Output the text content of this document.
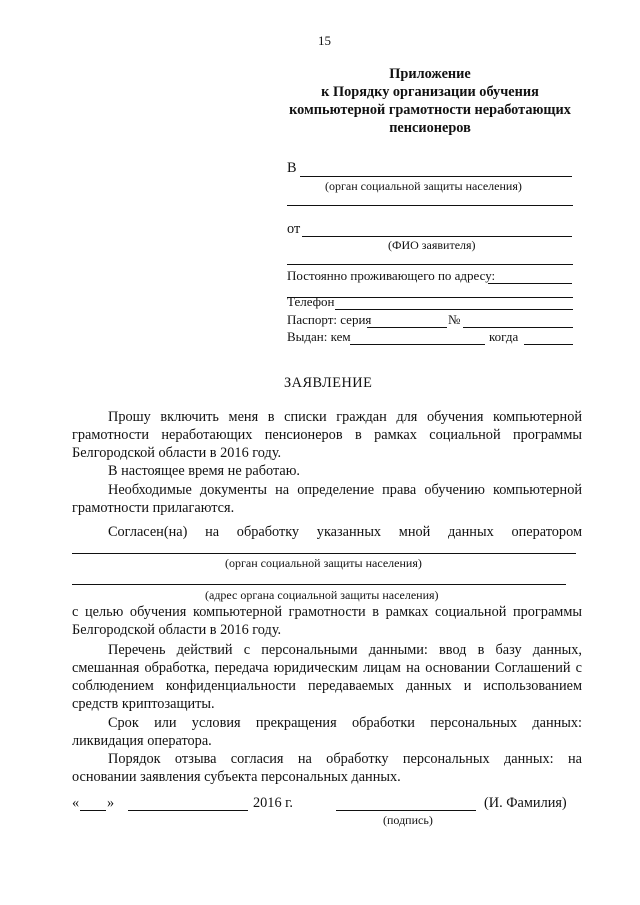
15
Приложение
к Порядку организации обучения
компьютерной грамотности неработающих
пенсионеров
В
(орган социальной защиты населения)
от
(ФИО заявителя)
Постоянно проживающего по адресу:
Телефон
Паспорт: серия	№
Выдан: кем	когда
ЗАЯВЛЕНИЕ
Прошу включить меня в списки граждан для обучения компьютерной
грамотности неработающих пенсионеров в рамках социальной программы
Белгородской области в 2016 году.
В настоящее время не работаю.
Необходимые документы на определение права обучению компьютерной
грамотности прилагаются.
Согласен(на) на обработку указанных мной данных оператором
(орган социальной защиты населения)
(адрес органа социальной защиты населения)
с целью обучения компьютерной грамотности в рамках социальной программы
Белгородской области в 2016 году.
Перечень действий с персональными данными: ввод в базу данных,
смешанная обработка, передача юридическим лицам на основании Соглашений с
соблюдением конфиденциальности передаваемых данных и использованием
средств криптозащиты.
Срок или условия прекращения обработки персональных данных:
ликвидация оператора.
Порядок отзыва согласия на обработку персональных данных: на
основании заявления субъекта персональных данных.
« »	2016 г.	(И. Фамилия)
(подпись)
